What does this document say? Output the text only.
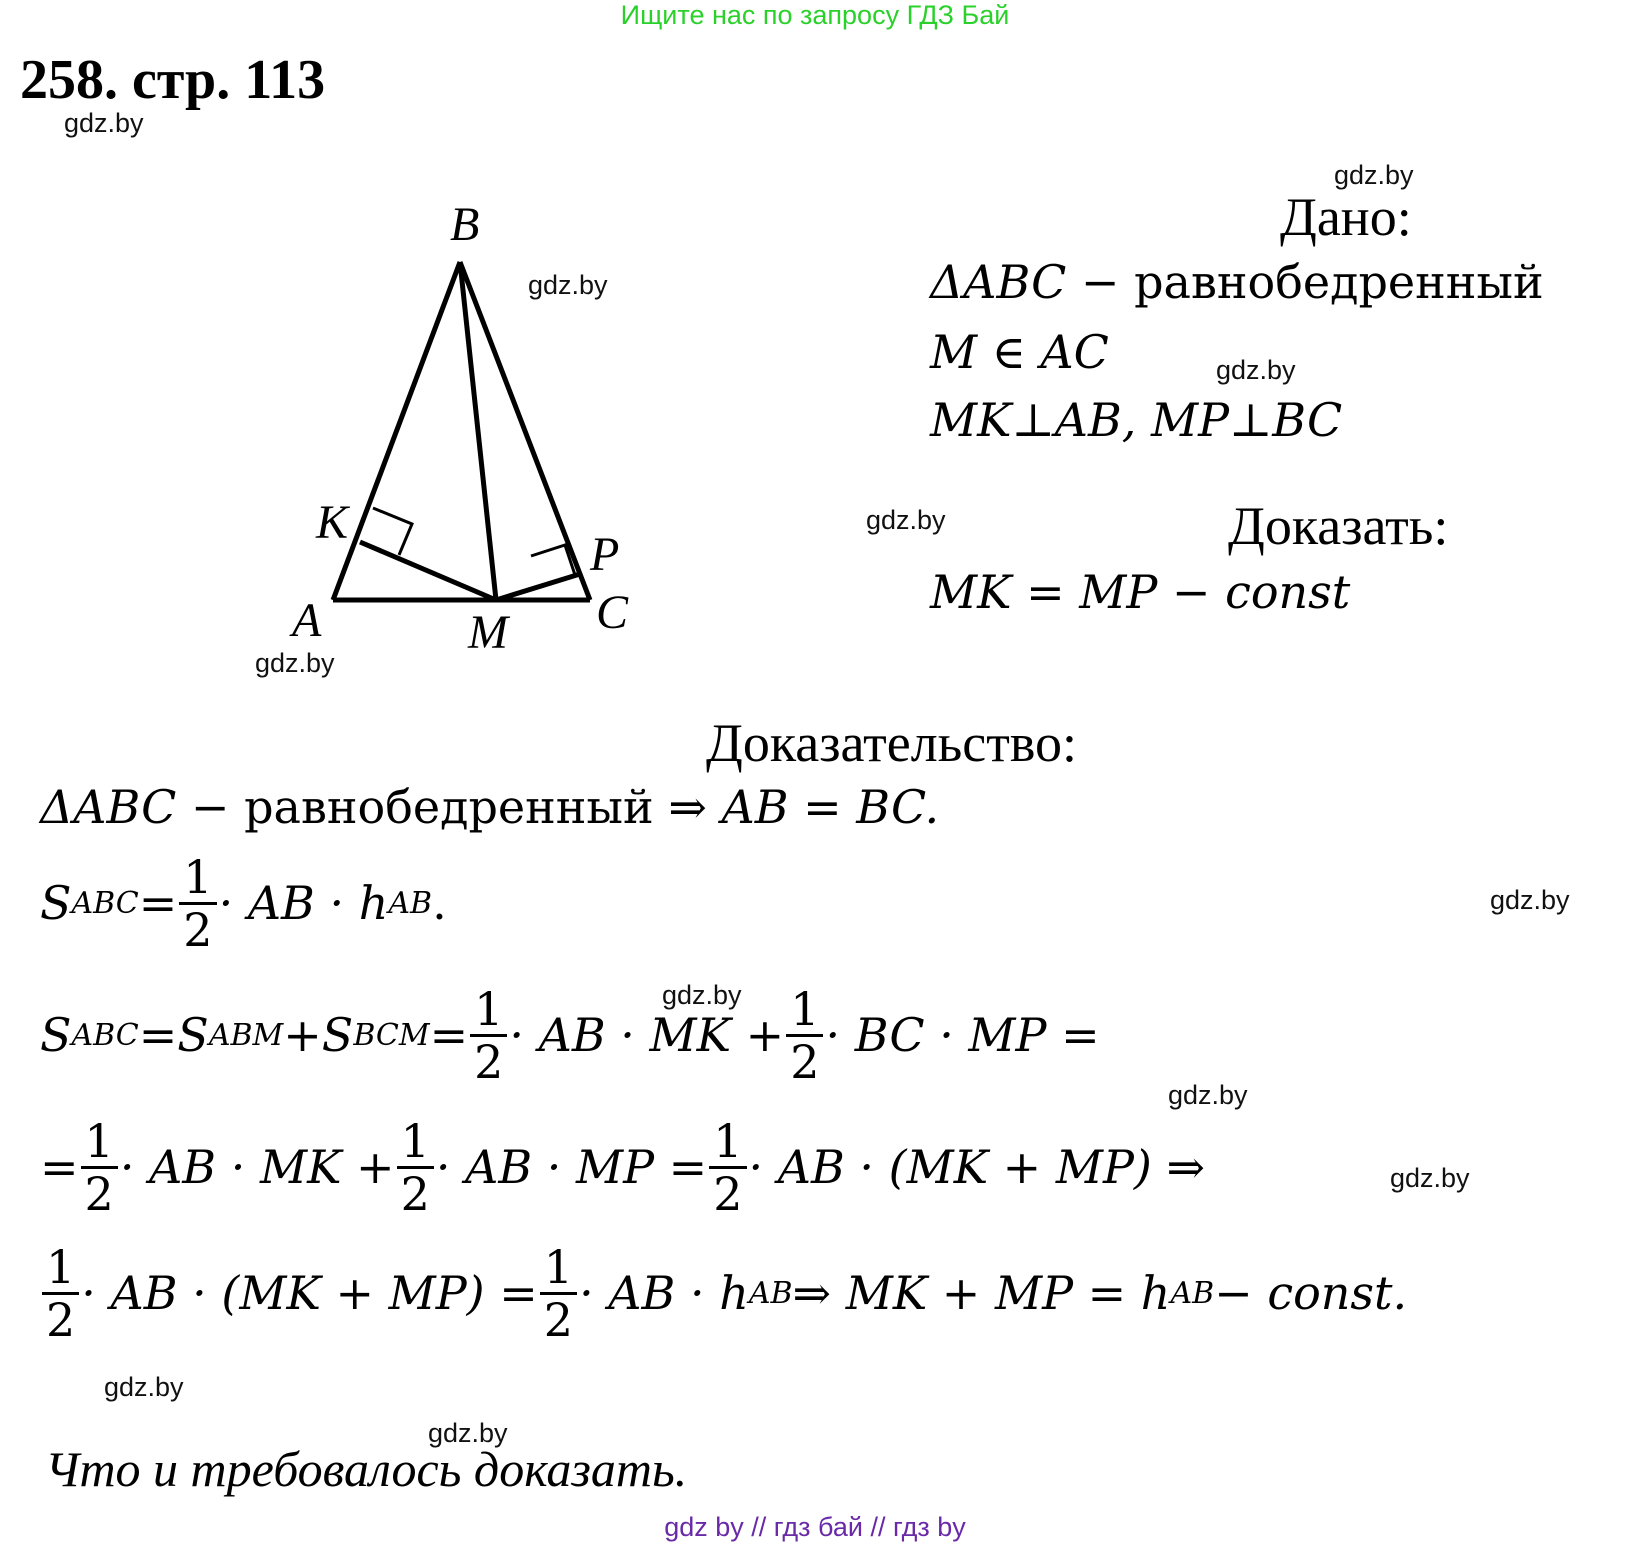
Ищите нас по запросу ГДЗ Бай
258. стр. 113
gdz.by
gdz.by
gdz.by
gdz.by
gdz.by
gdz.by
gdz.by
gdz.by
gdz.by
gdz.by
gdz.by
gdz.by
B
K
P
A	M C
Дано:
ΔABC − равнобедренный
M ∈ AC
MK⊥AB, MP⊥BC
Доказать:
MK = MP − const
Доказательство:
ΔABC − равнобедренный ⇒ AB = BC.
S ABC = $\frac{1}{2}$ · AB · h AB .
S ABC = S ABM + S BCM = $\frac{1}{2}$ · AB · MK + $\frac{1}{2}$ · BC · MP =
= $\frac{1}{2}$ · AB · MK + $\frac{1}{2}$ · AB · MP = $\frac{1}{2}$ · AB · (MK + MP) ⇒
$\frac{1}{2}$ · AB · $(MK + MP) = \frac{1}{2}$ · AB · h AB ⇒ MK + MP = h AB − const.
Что и требовалось доказать.
gdz by // гдз бай // гдз by
